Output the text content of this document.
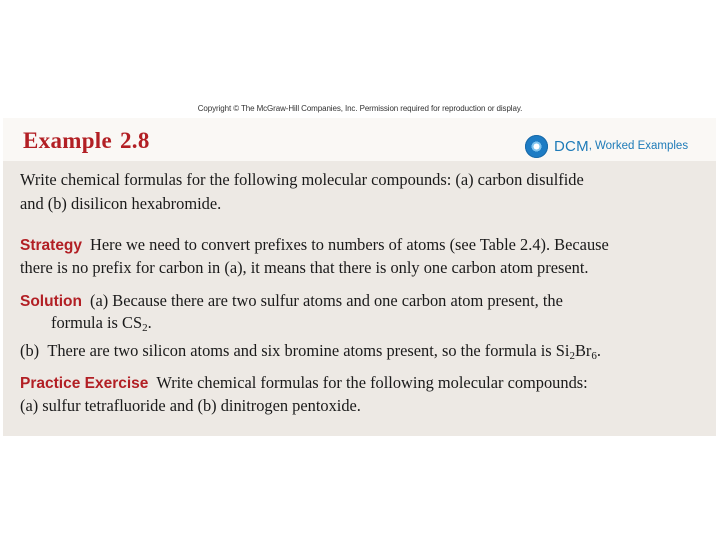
Copyright © The McGraw-Hill Companies, Inc. Permission required for reproduction or display.
Example 2.8	DCM , Worked Examples
Write chemical formulas for the following molecular compounds: (a) carbon disulfide
and (b) disilicon hexabromide.
Strategy Here we need to convert prefixes to numbers of atoms (see Table 2.4). Because
there is no prefix for carbon in (a), it means that there is only one carbon atom present.
Solution (a) Because there are two sulfur atoms and one carbon atom present, the
formula is $CS_2$.
(b) There are two silicon atoms and six bromine atoms present, so the formula is $Si_2Br_6$.
Practice Exercise Write chemical formulas for the following molecular compounds:
(a) sulfur tetrafluoride and (b) dinitrogen pentoxide.
